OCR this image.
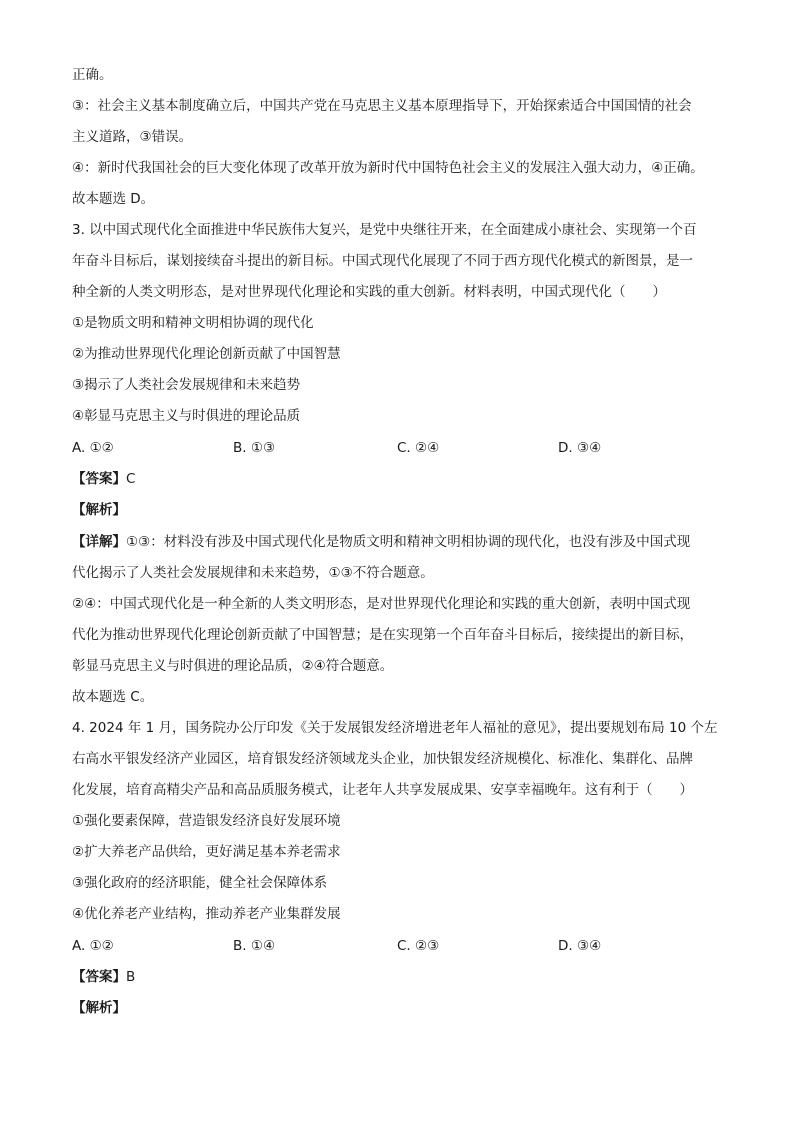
正确。
③：社会主义基本制度确立后，中国共产党在马克思主义基本原理指导下，开始探索适合中国国情的社会
主义道路，③错误。
④：新时代我国社会的巨大变化体现了改革开放为新时代中国特色社会主义的发展注入强大动力，④正确。
故本题选 D。
3. 以中国式现代化全面推进中华民族伟大复兴，是党中央继往开来，在全面建成小康社会、实现第一个百
年奋斗目标后，谋划接续奋斗提出的新目标。中国式现代化展现了不同于西方现代化模式的新图景，是一
种全新的人类文明形态，是对世界现代化理论和实践的重大创新。材料表明，中国式现代化（　　）
①是物质文明和精神文明相协调的现代化
②为推动世界现代化理论创新贡献了中国智慧
③揭示了人类社会发展规律和未来趋势
④彰显马克思主义与时俱进的理论品质
A. ①②	B. ①③	C. ②④	D. ③④
【答案】C
【解析】
【详解】①③：材料没有涉及中国式现代化是物质文明和精神文明相协调的现代化，也没有涉及中国式现
代化揭示了人类社会发展规律和未来趋势，①③不符合题意。
②④：中国式现代化是一种全新的人类文明形态，是对世界现代化理论和实践的重大创新，表明中国式现
代化为推动世界现代化理论创新贡献了中国智慧；是在实现第一个百年奋斗目标后，接续提出的新目标，
彰显马克思主义与时俱进的理论品质，②④符合题意。
故本题选 C。
4. 2024 年 1 月，国务院办公厅印发《关于发展银发经济增进老年人福祉的意见》，提出要规划布局 10 个左
右高水平银发经济产业园区，培育银发经济领域龙头企业，加快银发经济规模化、标准化、集群化、品牌
化发展，培育高精尖产品和高品质服务模式，让老年人共享发展成果、安享幸福晚年。这有利于（　　）
①强化要素保障，营造银发经济良好发展环境
②扩大养老产品供给，更好满足基本养老需求
③强化政府的经济职能，健全社会保障体系
④优化养老产业结构，推动养老产业集群发展
A. ①②	B. ①④	C. ②③	D. ③④
【答案】B
【解析】
